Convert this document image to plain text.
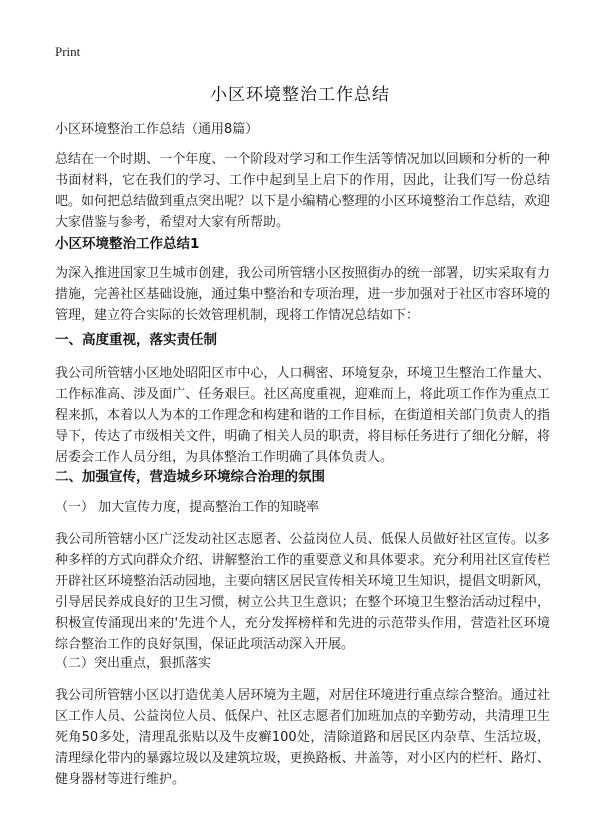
Print
小区环境整治工作总结

小区环境整治工作总结（通用8篇）

总结在一个时期、一个年度、一个阶段对学习和工作生活等情况加以回顾和分析的一种书面材料，它在我们的学习、工作中起到呈上启下的作用，因此，让我们写一份总结吧。如何把总结做到重点突出呢？以下是小编精心整理的小区环境整治工作总结，欢迎大家借鉴与参考，希望对大家有所帮助。

小区环境整治工作总结1

为深入推进国家卫生城市创建，我公司所管辖小区按照街办的统一部署，切实采取有力措施，完善社区基础设施，通过集中整治和专项治理，进一步加强对于社区市容环境的管理，建立符合实际的长效管理机制，现将工作情况总结如下：

一、高度重视，落实责任制

我公司所管辖小区地处昭阳区市中心，人口稠密、环境复杂，环境卫生整治工作量大、工作标准高、涉及面广、任务艰巨。社区高度重视，迎难而上，将此项工作作为重点工程来抓，本着以人为本的工作理念和构建和谐的工作目标，在街道相关部门负责人的指导下，传达了市级相关文件，明确了相关人员的职责，将目标任务进行了细化分解，将居委会工作人员分组，为具体整治工作明确了具体负责人。

二、加强宣传，营造城乡环境综合治理的氛围

（一） 加大宣传力度，提高整治工作的知晓率

我公司所管辖小区广泛发动社区志愿者、公益岗位人员、低保人员做好社区宣传。以多种多样的方式向群众介绍、讲解整治工作的重要意义和具体要求。充分利用社区宣传栏开辟社区环境整治活动园地，主要向辖区居民宣传相关环境卫生知识，提倡文明新风，引导居民养成良好的卫生习惯，树立公共卫生意识；在整个环境卫生整治活动过程中，积极宣传涌现出来的'先进个人，充分发挥榜样和先进的示范带头作用，营造社区环境综合整治工作的良好氛围，保证此项活动深入开展。

（二）突出重点，狠抓落实

我公司所管辖小区以打造优美人居环境为主题，对居住环境进行重点综合整治。通过社区工作人员、公益岗位人员、低保户、社区志愿者们加班加点的辛勤劳动，共清理卫生死角50多处，清理乱张贴以及牛皮癣100处，清除道路和居民区内杂草、生活垃圾，清理绿化带内的暴露垃圾以及建筑垃圾，更换路板、井盖等，对小区内的栏杆、路灯、健身器材等进行维护。
